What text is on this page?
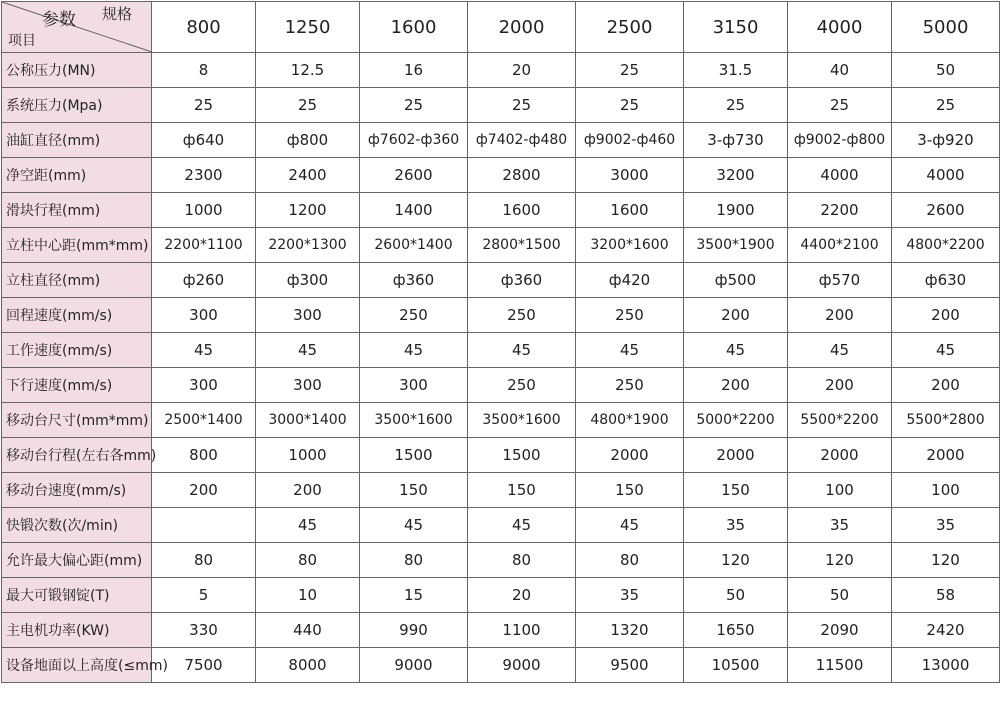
参数 规格
项目	800	1250	1600	2000	2500	3150	4000	5000
公称压力(MN)	8	12.5	16	20	25	31.5	40	50
系统压力(Mpa)	25	25	25	25	25	25	25	25
油缸直径(mm)	ф640	ф800	ф7602-ф360	ф7402-ф480	ф9002-ф460	3-ф730	ф9002-ф800	3-ф920
净空距(mm)	2300	2400	2600	2800	3000	3200	4000	4000
滑块行程(mm)	1000	1200	1400	1600	1600	1900	2200	2600
立柱中心距(mm*mm)	2200*1100	2200*1300	2600*1400	2800*1500	3200*1600	3500*1900	4400*2100	4800*2200
立柱直径(mm)	ф260	ф300	ф360	ф360	ф420	ф500	ф570	ф630
回程速度(mm/s)	300	300	250	250	250	200	200	200
工作速度(mm/s)	45	45	45	45	45	45	45	45
下行速度(mm/s)	300	300	300	250	250	200	200	200
移动台尺寸(mm*mm)	2500*1400	3000*1400	3500*1600	3500*1600	4800*1900	5000*2200	5500*2200	5500*2800
移动台行程(左右各mm)	800	1000	1500	1500	2000	2000	2000	2000
移动台速度(mm/s)	200	200	150	150	150	150	100	100
快锻次数(次/min)		45	45	45	45	35	35	35
允许最大偏心距(mm)	80	80	80	80	80	120	120	120
最大可锻钢锭(T)	5	10	15	20	35	50	50	58
主电机功率(KW)	330	440	990	1100	1320	1650	2090	2420
设备地面以上高度(≤mm)	7500	8000	9000	9000	9500	10500	11500	13000
